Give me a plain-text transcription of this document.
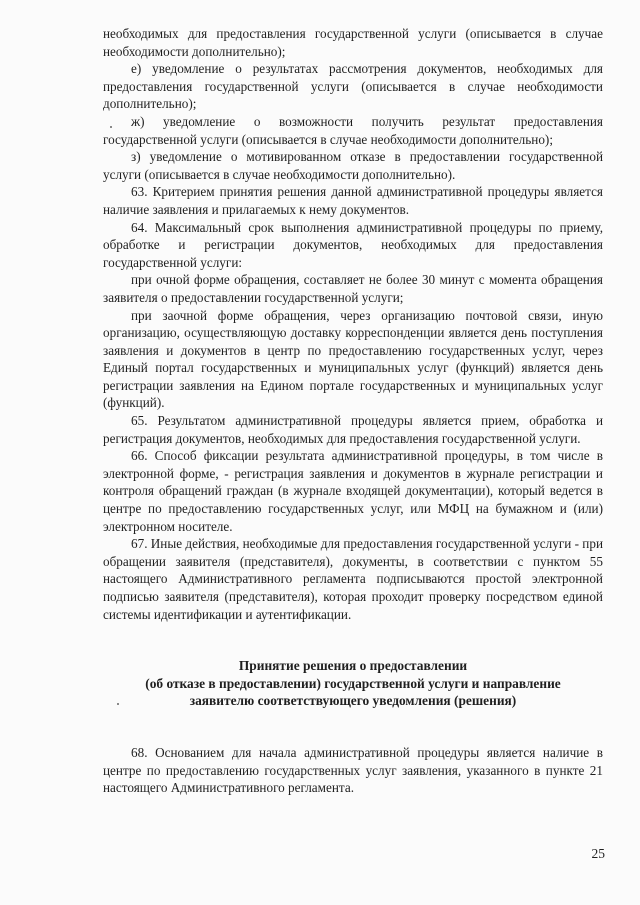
необходимых для предоставления государственной услуги (описывается в случае необходимости дополнительно);

е) уведомление о результатах рассмотрения документов, необходимых для предоставления государственной услуги (описывается в случае необходимости дополнительно);

ж) уведомление о возможности получить результат предоставления государственной услуги (описывается в случае необходимости дополнительно);

з) уведомление о мотивированном отказе в предоставлении государственной услуги (описывается в случае необходимости дополнительно).

63. Критерием принятия решения данной административной процедуры является наличие заявления и прилагаемых к нему документов.

64. Максимальный срок выполнения административной процедуры по приему, обработке и регистрации документов, необходимых для предоставления государственной услуги:

при очной форме обращения, составляет не более 30 минут с момента обращения заявителя о предоставлении государственной услуги;

при заочной форме обращения, через организацию почтовой связи, иную организацию, осуществляющую доставку корреспонденции является день поступления заявления и документов в центр по предоставлению государственных услуг, через Единый портал государственных и муниципальных услуг (функций) является день регистрации заявления на Едином портале государственных и муниципальных услуг (функций).

65. Результатом административной процедуры является прием, обработка и регистрация документов, необходимых для предоставления государственной услуги.

66. Способ фиксации результата административной процедуры, в том числе в электронной форме, - регистрация заявления и документов в журнале регистрации и контроля обращений граждан (в журнале входящей документации), который ведется в центре по предоставлению государственных услуг, или МФЦ на бумажном и (или) электронном носителе.

67. Иные действия, необходимые для предоставления государственной услуги - при обращении заявителя (представителя), документы, в соответствии с пунктом 55 настоящего Административного регламента подписываются простой электронной подписью заявителя (представителя), которая проходит проверку посредством единой системы идентификации и аутентификации.

Принятие решения о предоставлении
(об отказе в предоставлении) государственной услуги и направление
заявителю соответствующего уведомления (решения)

68. Основанием для начала административной процедуры является наличие в центре по предоставлению государственных услуг заявления, указанного в пункте 21 настоящего Административного регламента.

25
